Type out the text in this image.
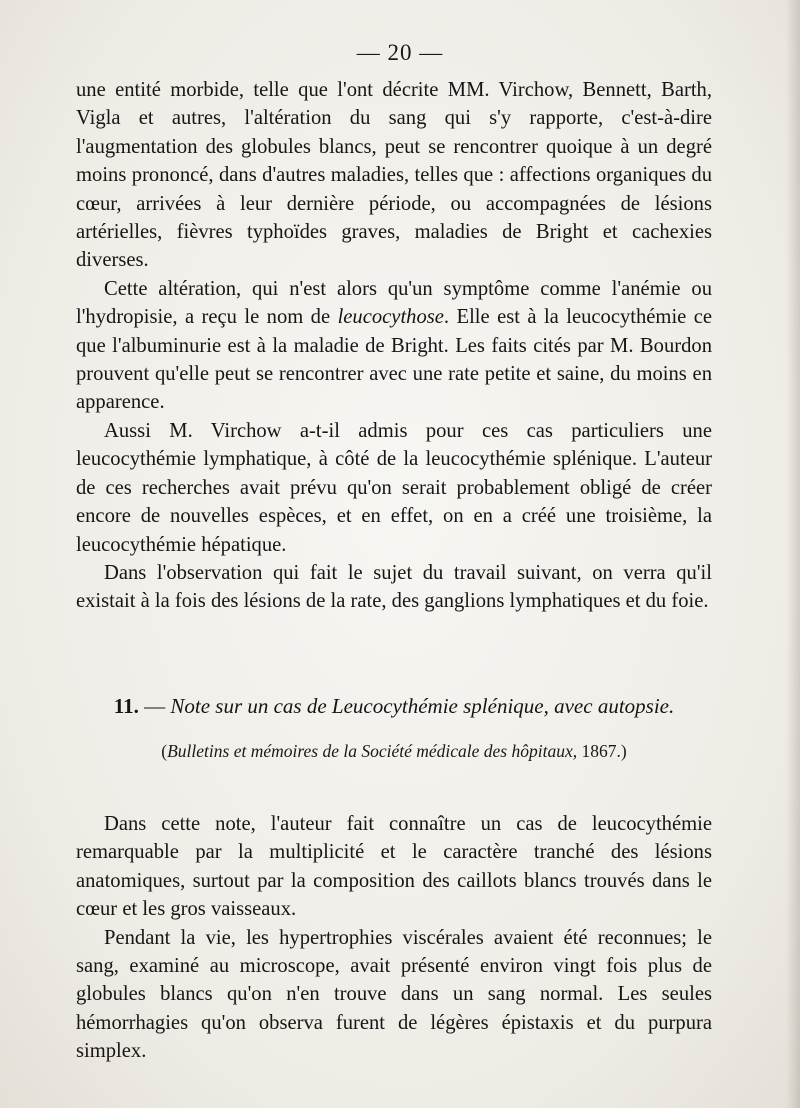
— 20 —

une entité morbide, telle que l'ont décrite MM. Virchow, Bennett, Barth, Vigla et autres, l'altération du sang qui s'y rapporte, c'est-à-dire l'augmentation des globules blancs, peut se rencontrer quoique à un degré moins prononcé, dans d'autres maladies, telles que : affections organiques du cœur, arrivées à leur dernière période, ou accompagnées de lésions artérielles, fièvres typhoïdes graves, maladies de Bright et cachexies diverses.

Cette altération, qui n'est alors qu'un symptôme comme l'anémie ou l'hydropisie, a reçu le nom de leucocythose. Elle est à la leucocythémie ce que l'albuminurie est à la maladie de Bright. Les faits cités par M. Bourdon prouvent qu'elle peut se rencontrer avec une rate petite et saine, du moins en apparence.

Aussi M. Virchow a-t-il admis pour ces cas particuliers une leucocythémie lymphatique, à côté de la leucocythémie splénique. L'auteur de ces recherches avait prévu qu'on serait probablement obligé de créer encore de nouvelles espèces, et en effet, on en a créé une troisième, la leucocythémie hépatique.

Dans l'observation qui fait le sujet du travail suivant, on verra qu'il existait à la fois des lésions de la rate, des ganglions lymphatiques et du foie.

11. — Note sur un cas de Leucocythémie splénique, avec autopsie.
(Bulletins et mémoires de la Société médicale des hôpitaux, 1867.)

Dans cette note, l'auteur fait connaître un cas de leucocythémie remarquable par la multiplicité et le caractère tranché des lésions anatomiques, surtout par la composition des caillots blancs trouvés dans le cœur et les gros vaisseaux.

Pendant la vie, les hypertrophies viscérales avaient été reconnues; le sang, examiné au microscope, avait présenté environ vingt fois plus de globules blancs qu'on n'en trouve dans un sang normal. Les seules hémorrhagies qu'on observa furent de légères épistaxis et du purpura simplex.
